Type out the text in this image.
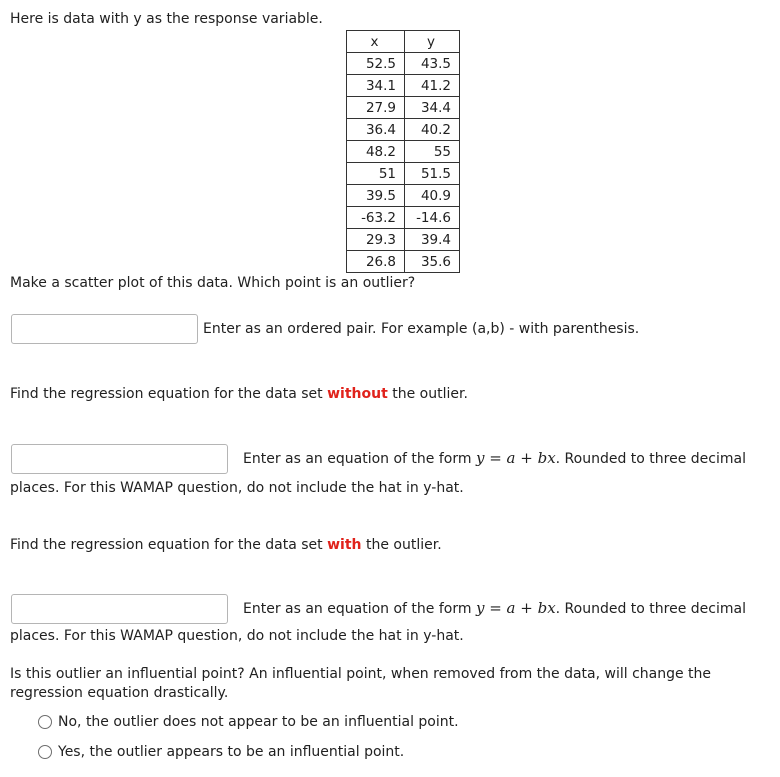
Here is data with y as the response variable.
x	y
52.5	43.5
34.1	41.2
27.9	34.4
36.4	40.2
48.2	55
51	51.5
39.5	40.9
-63.2	-14.6
29.3	39.4
26.8	35.6
Make a scatter plot of this data. Which point is an outlier?
Enter as an ordered pair. For example (a,b) - with parenthesis.
Find the regression equation for the data set without the outlier.
Enter as an equation of the form y = a + bx. Rounded to three decimal
places. For this WAMAP question, do not include the hat in y-hat.
Find the regression equation for the data set with the outlier.
Enter as an equation of the form y = a + bx. Rounded to three decimal
places. For this WAMAP question, do not include the hat in y-hat.
Is this outlier an influential point? An influential point, when removed from the data, will change the
regression equation drastically.
No, the outlier does not appear to be an influential point.
Yes, the outlier appears to be an influential point.
